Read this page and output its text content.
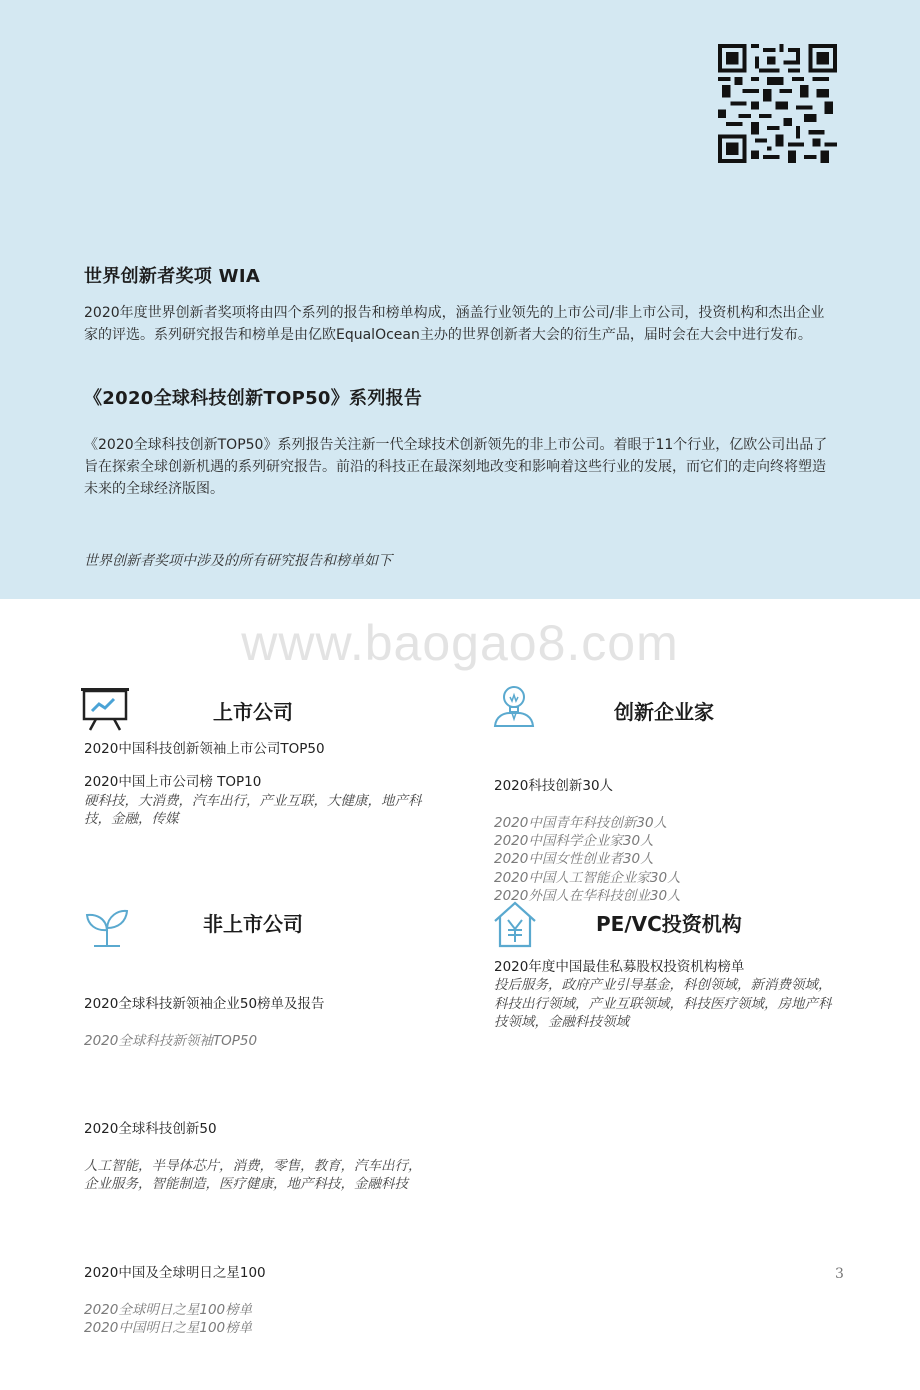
世界创新者奖项 WIA
2020年度世界创新者奖项将由四个系列的报告和榜单构成，涵盖行业领先的上市公司/非上市公司，投资机构和杰出企业家的评选。系列研究报告和榜单是由亿欧EqualOcean主办的世界创新者大会的衍生产品，届时会在大会中进行发布。
《2020全球科技创新TOP50》系列报告
《2020全球科技创新TOP50》系列报告关注新一代全球技术创新领先的非上市公司。着眼于11个行业，亿欧公司出品了旨在探索全球创新机遇的系列研究报告。前沿的科技正在最深刻地改变和影响着这些行业的发展，而它们的走向终将塑造未来的全球经济版图。
世界创新者奖项中涉及的所有研究报告和榜单如下
www.baogao8.com
上市公司
2020中国科技创新领袖上市公司TOP50
2020中国上市公司榜 TOP10
硬科技，大消费，汽车出行，产业互联，大健康，地产科技，金融，传媒
创新企业家

2020科技创新30人

2020中国青年科技创新30人
2020中国科学企业家30人
2020中国女性创业者30人
2020中国人工智能企业家30人
2020外国人在华科技创业30人

非上市公司

2020全球科技新领袖企业50榜单及报告

2020全球科技新领袖TOP50

2020全球科技创新50

人工智能，半导体芯片，消费，零售，教育，汽车出行，企业服务，智能制造，医疗健康，地产科技，金融科技

2020中国及全球明日之星100

2020全球明日之星100榜单
2020中国明日之星100榜单

PE/VC投资机构
2020年度中国最佳私募股权投资机构榜单
投后服务，政府产业引导基金，科创领域，新消费领域，科技出行领域，产业互联领域，科技医疗领域，房地产科技领域，金融科技领域
3
